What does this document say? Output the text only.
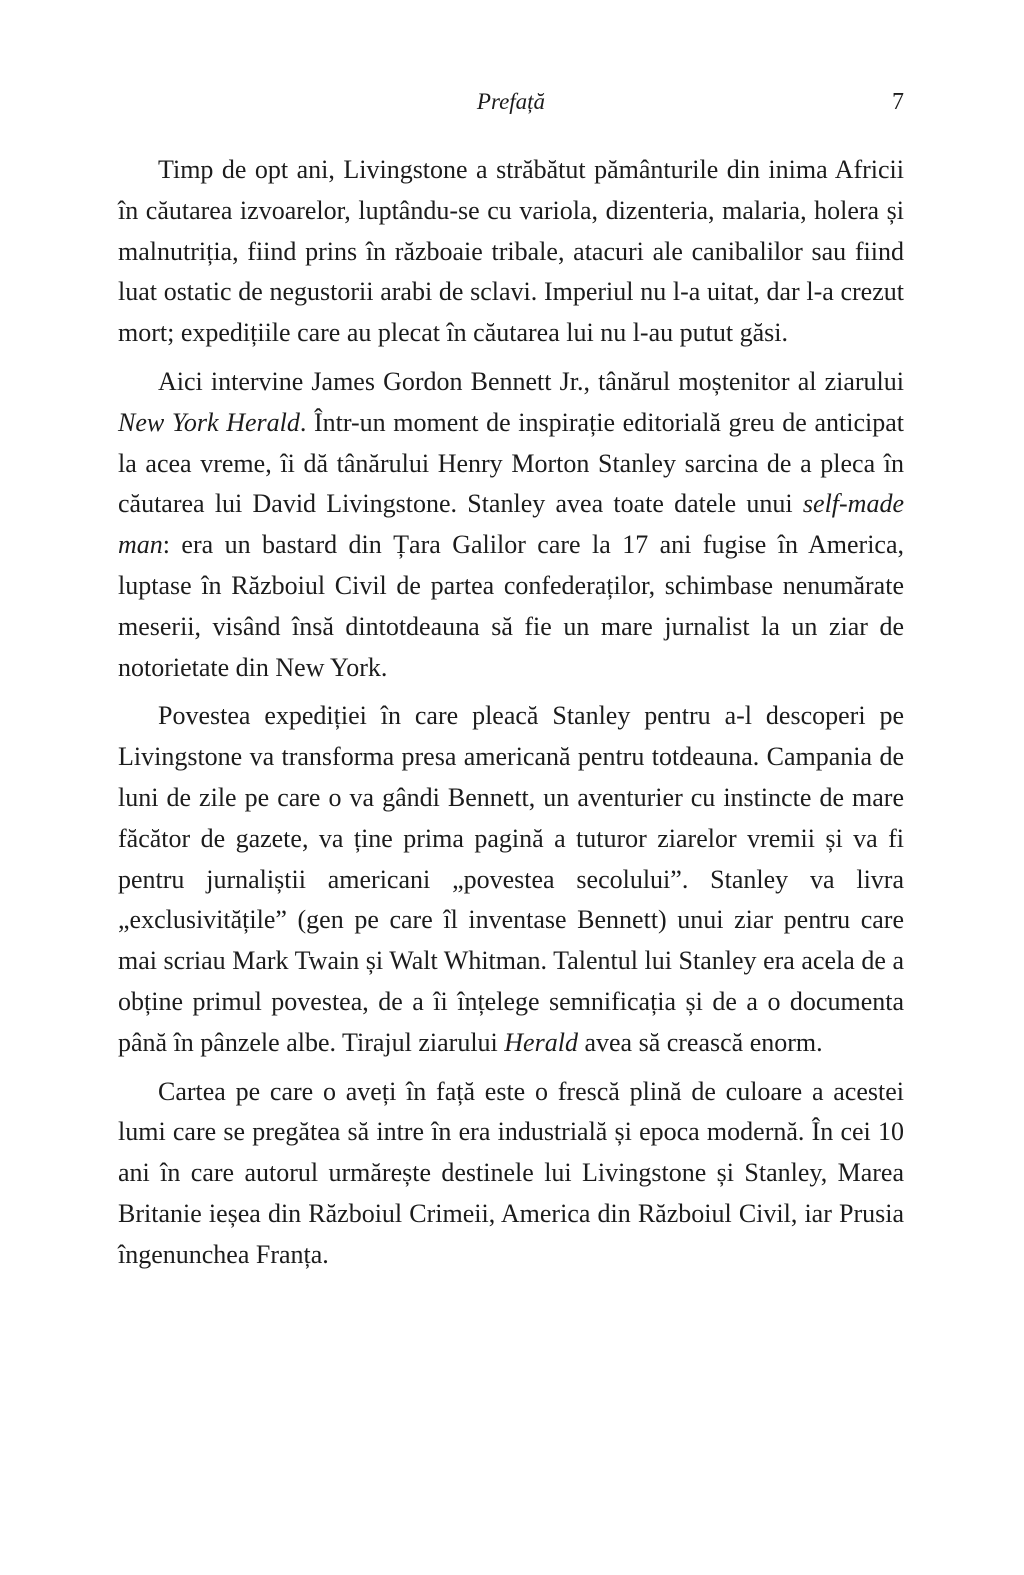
Prefață	7

Timp de opt ani, Livingstone a străbătut pământurile din inima Africii în căutarea izvoarelor, luptându-se cu variola, dizenteria, malaria, holera și malnutriția, fiind prins în războaie tribale, atacuri ale canibalilor sau fiind luat ostatic de negustorii arabi de sclavi. Imperiul nu l-a uitat, dar l-a crezut mort; expedițiile care au plecat în căutarea lui nu l-au putut găsi.

Aici intervine James Gordon Bennett Jr., tânărul moștenitor al ziarului New York Herald. Într-un moment de inspirație editorială greu de anticipat la acea vreme, îi dă tânărului Henry Morton Stanley sarcina de a pleca în căutarea lui David Livingstone. Stanley avea toate datele unui self-made man: era un bastard din Țara Galilor care la 17 ani fugise în America, luptase în Războiul Civil de partea confederaților, schimbase nenumărate meserii, visând însă dintotdeauna să fie un mare jurnalist la un ziar de notorietate din New York.

Povestea expediției în care pleacă Stanley pentru a-l descoperi pe Livingstone va transforma presa americană pentru totdeauna. Campania de luni de zile pe care o va gândi Bennett, un aventurier cu instincte de mare făcător de gazete, va ține prima pagină a tuturor ziarelor vremii și va fi pentru jurnaliștii americani „povestea secolului”. Stanley va livra „exclusivitățile” (gen pe care îl inventase Bennett) unui ziar pentru care mai scriau Mark Twain și Walt Whitman. Talentul lui Stanley era acela de a obține primul povestea, de a îi înțelege semnificația și de a o documenta până în pânzele albe. Tirajul ziarului Herald avea să crească enorm.

Cartea pe care o aveți în față este o frescă plină de culoare a acestei lumi care se pregătea să intre în era industrială și epoca modernă. În cei 10 ani în care autorul urmărește destinele lui Livingstone și Stanley, Marea Britanie ieșea din Războiul Crimeii, America din Războiul Civil, iar Prusia îngenunchea Franța.
